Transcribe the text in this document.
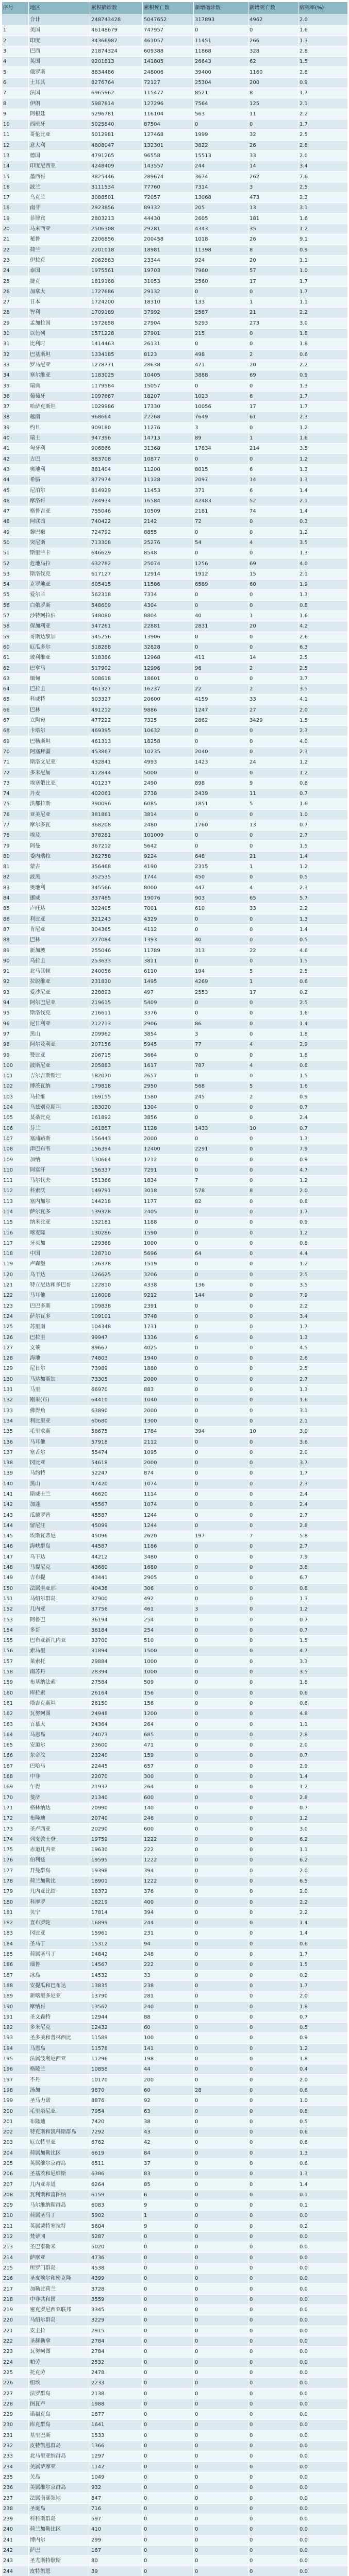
序号	地区	累积确诊数	累积死亡数	新增确诊数	新增死亡数	病死率(%)
	合计	248743428	5047652	317893	4962	2.0
1	美国	46148679	747957	0	0	1.6
2	印度	34366987	461057	11451	266	1.3
3	巴西	21874324	609388	11868	328	2.8
4	英国	9201813	141805	26643	62	1.5
5	俄罗斯	8834486	248006	39400	1160	2.8
6	土耳其	8276764	72127	25304	200	0.9
7	法国	6965962	115477	8521	8	1.7
8	伊朗	5987814	127296	7564	125	2.1
9	阿根廷	5296781	116104	563	11	2.2
10	西班牙	5025840	87504	0	0	1.7
11	哥伦比亚	5012981	127468	1999	32	2.5
12	意大利	4808047	132301	3822	26	2.8
13	德国	4791265	96558	15513	33	2.0
14	印度尼西亚	4248409	143557	244	14	3.4
15	墨西哥	3825446	289674	3674	262	7.6
16	波兰	3111534	77760	7314	3	2.5
17	乌克兰	3088501	72057	13068	473	2.3
18	南非	2923856	89332	205	13	3.1
19	菲律宾	2803213	44430	2605	181	1.6
20	马来西亚	2506308	29281	4343	35	1.2
21	秘鲁	2206856	200458	1018	26	9.1
22	荷兰	2201018	18981	11398	8	0.9
23	伊拉克	2062863	23344	924	20	1.1
24	泰国	1975561	19703	7960	57	1.0
25	捷克	1819168	31053	2560	17	1.7
26	加拿大	1727686	29132	0	0	1.7
27	日本	1724200	18310	133	1	1.1
28	智利	1709189	37992	2587	21	2.2
29	孟加拉国	1572658	27904	5293	273	3.0
30	以色列	1571228	27901	215	0	1.8
31	比利时	1414463	26131	0	0	1.8
32	巴基斯坦	1334185	8123	498	2	0.6
33	罗马尼亚	1278771	28638	471	20	2.2
34	塞尔维亚	1183025	10405	3888	69	0.9
35	瑞典	1179584	15057	0	0	1.3
36	葡萄牙	1097667	18207	1023	6	1.7
37	哈萨克斯坦	1029986	17330	10056	17	1.7
38	越南	968664	22268	7649	61	2.3
39	约旦	909180	11276	3	0	1.2
40	瑞士	947396	14713	89	1	1.6
41	匈牙利	906866	31368	17834	214	3.5
42	古巴	883708	10877	0	0	1.2
43	奥地利	881404	11200	8015	6	1.3
44	希腊	877974	11128	2097	14	1.3
45	尼泊尔	814929	11453	371	6	1.4
46	摩洛哥	784934	16584	42483	52	2.1
47	格鲁吉亚	755046	10509	2181	74	1.4
48	阿联酋	740422	2142	72	0	0.3
49	黎巴嫩	724792	8855	0	0	1.2
50	突尼斯	713308	25276	54	4	3.5
51	斯里兰卡	646629	8548	0	0	1.3
52	危地马拉	632782	25074	1256	69	4.0
53	斯洛伐克	617127	12914	1912	15	2.1
54	克罗地亚	605415	11586	6589	60	1.9
55	爱尔兰	562318	7334	0	0	1.3
56	白俄罗斯	548609	4304	0	0	0.8
57	沙特阿拉伯	548080	8804	40	1	1.6
58	保加利亚	547261	22881	2831	20	4.2
59	哥斯达黎加	545256	13906	0	0	2.6
60	厄瓜多尔	518288	32828	0	0	6.3
61	玻利维亚	518386	12968	411	14	2.5
62	巴拿马	517902	12996	96	2	2.5
63	缅甸	508618	18601	0	0	3.7
64	巴拉圭	461327	16237	22	2	3.5
65	科威特	503327	20600	4159	33	4.1
66	巴林	491212	9886	1247	27	2.0
67	立陶宛	477222	7325	2862	3429	1.5
68	卡塔尔	469395	10632	0	0	2.3
69	巴勒斯坦	461313	18258	0	0	4.0
70	阿塞拜疆	453867	10235	2040	0	2.3
71	斯洛文尼亚	432841	4993	1423	24	1.2
72	多米尼加	412844	5000	0	0	1.2
73	埃塞俄比亚	401237	2490	898	9	0.6
74	丹麦	402061	2738	2439	11	0.7
75	洪都拉斯	390096	6085	1851	5	1.6
76	亚美尼亚	381861	3814	0	0	1.0
77	摩尔多瓦	368208	2480	1760	13	0.7
78	埃及	378281	101009	0	0	2.7
79	阿曼	367212	5642	0	0	1.5
80	委内瑞拉	362758	9224	648	21	1.4
81	蒙古	356468	4190	2315	1	1.2
82	波黑	352535	1744	450	0	0.5
83	奥地利	345566	8000	447	4	2.3
84	挪威	337485	19076	903	65	5.7
85	卢旺达	322405	7001	610	33	2.2
86	利比亚	321243	4329	0	0	1.3
87	肯尼亚	304365	4112	0	0	1.4
88	巴林	277084	1393	40	0	0.5
89	新加坡	255046	11789	313	22	4.6
90	乌拉圭	253633	3811	0	0	1.5
91	北马其顿	240056	6110	194	5	2.5
92	拉脱维亚	231830	1495	4269	1	0.6
93	爱沙尼亚	228893	497	2553	17	0.2
94	阿尔巴尼亚	219615	5409	0	0	2.5
95	斯洛伐克	216611	3376	0	0	1.6
96	尼日利亚	212713	2906	86	0	1.4
97	黑山	209962	3854	3	0	1.8
98	阿尔及利亚	207156	5945	77	4	2.9
99	赞比亚	206715	3664	0	0	1.8
100	波斯尼亚	205883	1617	787	4	0.8
101	吉尔吉斯斯坦	182070	2657	0	0	1.5
102	博茨瓦纳	179818	2950	568	5	1.6
103	马拉维	169155	1580	245	2	0.9
104	乌兹别克斯坦	183020	1304	0	0	0.7
105	莫桑比克	161892	3856	0	0	2.4
106	芬兰	161887	1128	1433	10	0.7
107	塞浦路斯	156443	2000	0	0	1.3
108	津巴布韦	156394	12400	2291	0	7.9
109	加纳	130664	1212	0	0	0.9
110	阿富汗	156337	7291	0	0	4.7
111	马尔代夫	151366	1834	7	0	1.2
112	科索沃	149791	3018	578	8	2.0
113	塞内加尔	144218	1177	82	0	0.8
114	萨尔瓦多	139328	2405	0	0	1.7
115	纳米比亚	132181	1188	0	0	0.9
116	喀麦隆	130286	1590	0	0	1.2
117	牙买加	129368	1000	0	0	0.8
118	中国	128710	5696	64	0	4.4
119	卢森堡	126378	1519	0	0	1.2
120	乌干达	126625	3206	0	0	2.5
121	特立尼达和多巴哥	122810	4338	136	0	3.5
122	马耳他	116008	9212	144	0	7.9
123	巴巴多斯	109838	2391	0	0	2.2
124	萨尔瓦多	109101	3748	0	0	3.4
125	苏里南	104348	1731	0	0	1.7
126	巴拉圭	99947	1336	6	0	1.3
127	文莱	89667	4025	0	0	4.5
128	海地	74803	1940	0	0	2.6
129	尼日尔	73989	1880	0	0	2.5
130	马达加斯加	73305	2000	0	0	2.7
131	马里	66970	883	0	0	1.3
132	刚果(布)	64410	1040	0	0	1.6
133	佛得角	63890	2000	0	0	3.1
134	利比里亚	60680	1300	0	0	2.1
135	毛里求斯	58675	1784	394	10	3.0
136	马耳他	57918	2112	0	0	3.6
137	塞舌尔	55474	1095	0	0	2.0
138	冈比亚	54618	2000	0	0	3.7
139	马约特	52247	874	0	0	1.7
140	黑山	47420	1074	0	0	2.3
141	斯威士兰	46620	1114	0	0	2.4
142	加蓬	45567	1074	0	0	2.4
143	瓜德罗普	45587	1244	0	0	2.7
144	留尼汪	45099	1244	0	0	2.8
145	埃斯瓦蒂尼	45096	2620	197	7	5.8
146	海峡群岛	44587	1186	0	0	2.7
147	乌干达	44212	3480	0	0	7.9
148	马提尼克	43660	1680	0	0	3.8
149	吉布提	43441	2905	0	0	6.7
150	法属圭亚那	40438	306	0	0	0.8
151	马绍尔群岛	37900	492	0	0	1.3
152	几内亚	37756	461	3	0	1.2
153	阿鲁巴	36194	254	0	0	0.7
154	多哥	36184	254	0	0	0.7
155	巴布亚新几内亚	33700	510	0	0	1.5
156	索马里	31894	1500	0	0	4.7
157	莱索托	29884	1000	0	0	3.3
158	南苏丹	28394	1000	0	0	3.5
159	布基纳法索	27584	509	0	0	1.8
160	库拉索	26164	156	0	0	0.6
161	塔吉克斯坦	26150	156	0	0	0.6
162	瓦努阿图	24948	1200	0	0	4.8
163	百慕大	24364	264	0	0	1.1
164	马恩岛	24073	685	0	0	2.8
165	安道尔	23600	471	0	0	2.0
166	东帝汶	23240	159	0	0	0.7
167	巴哈马	22445	657	0	0	2.9
168	中非	22070	300	0	0	1.4
169	乍得	21937	264	0	0	1.2
170	斐济	21340	600	0	0	2.8
171	格林纳达	20990	140	0	0	0.7
172	布隆迪	20740	246	0	0	1.2
173	圣卢西亚	20290	600	0	0	3.0
174	列支敦士登	19759	1222	0	0	6.2
175	赤道几内亚	19630	222	0	0	1.1
176	伯利兹	19595	1222	0	0	6.2
177	开曼群岛	19398	394	0	0	2.0
178	荷兰加勒比	18901	1222	0	0	6.5
179	几内亚比绍	18372	376	0	0	2.0
180	科摩罗	18219	400	0	0	2.2
181	贝宁	17814	394	0	0	2.2
182	直布罗陀	16899	244	0	0	1.4
183	冈比亚	15961	231	0	0	1.4
184	圣马丁	15312	94	0	0	0.6
185	荷属圣马丁	14842	248	0	0	1.7
186	瑙鲁	14567	222	0	0	1.5
187	冰岛	14532	33	0	0	0.2
188	安提瓜和巴布达	13835	238	0	0	1.7
189	新喀里多尼亚	13790	281	0	0	2.0
190	摩纳哥	13562	240	0	0	1.8
191	圣文森特	12944	88	0	0	0.7
192	多米尼克	12432	60	0	0	0.5
193	圣多美和普林西比	11589	100	0	0	0.9
194	马恩岛	11578	141	0	0	1.2
195	法属波利尼西亚	11296	198	0	0	1.8
196	格陵兰	10858	44	0	0	0.4
197	不丹	10170	200	0	0	2.0
198	汤加	9870	60	28	0	0.6
199	圣马力诺	8876	92	0	0	1.0
200	毛里塔尼亚	7954	63	0	0	0.8
201	布隆迪	7420	38	0	0	0.5
202	特克斯和凯科斯群岛	7292	43	0	0	0.6
203	厄立特里亚	6762	42	0	0	0.6
204	荷属加勒比区	6619	84	0	0	1.3
205	英属维尔京群岛	6511	37	0	0	0.6
206	圣基茨和尼维斯	6386	83	0	0	1.3
207	几内亚赤道	6264	85	0	0	1.4
208	瓦利斯和富图纳	6159	6	0	0	0.1
209	马尔维纳斯群岛	6083	9	0	0	0.1
210	荷属圣马丁	5902	1	0	0	0.0
211	英属蒙特塞拉特	5604	9	0	0	0.2
212	梵蒂冈	5287	0	0	0	0.0
213	圣巴泰勒米	5020	0	0	0	0.0
214	萨摩亚	4736	0	0	0	0.0
215	所罗门群岛	4538	0	0	0	0.0
216	圣皮埃尔和密克隆	4399	0	0	0	0.0
217	加勒比荷兰	3728	0	0	0	0.0
218	中非共和国	3559	0	0	0	0.0
219	密克罗尼西亚联邦	3345	0	0	0	0.0
220	马绍尔群岛	3229	0	0	0	0.0
221	安圭拉	2915	0	0	0	0.0
222	圣赫勒拿	2784	0	0	0	0.0
223	瓦努阿图	2784	0	0	0	0.0
224	帕劳	2532	0	0	0	0.0
225	托克劳	2478	0	0	0	0.0
226	纽埃	2233	0	0	0	0.0
227	法罗群岛	2138	0	0	0	0.0
228	图瓦卢	1988	0	0	0	0.0
229	诺福克岛	1877	0	0	0	0.0
230	库克群岛	1641	0	0	0	0.0
231	基里巴斯	1533	0	0	0	0.0
232	皮特凯恩群岛	1366	0	0	0	0.0
233	北马里亚纳群岛	1297	0	0	0	0.0
234	美属萨摩亚	1142	0	0	0	0.0
235	关岛	1049	0	0	0	0.0
236	美属维尔京群岛	932	0	0	0	0.0
237	法属南部领地	847	0	0	0	0.0
238	圣诞岛	716	0	0	0	0.0
239	科科斯群岛	597	0	0	0	0.0
240	荷兰加勒比区	410	0	0	0	0.0
241	博内尔	299	0	0	0	0.0
242	萨巴	187	0	0	0	0.0
243	圣尤斯特歇斯	80	0	0	0	0.0
244	皮特凯恩	39	0	0	0	0.0
